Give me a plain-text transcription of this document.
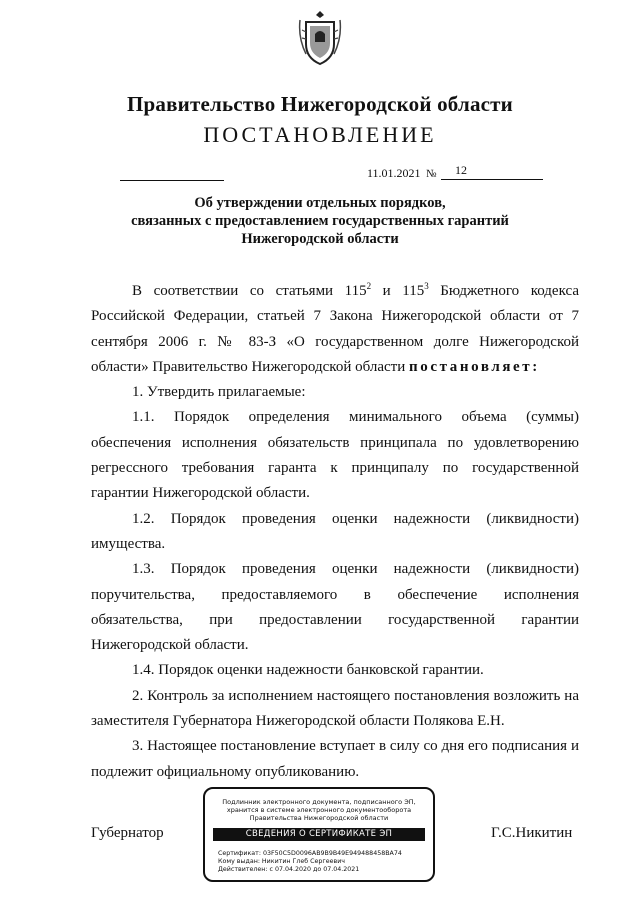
Правительство Нижегородской области
ПОСТАНОВЛЕНИЕ
11.01.2021 №	12
Об утверждении отдельных порядков,
связанных с предоставлением государственных гарантий
Нижегородской области

В соответствии со статьями $115^2$ и $115^3$ Бюджетного кодекса Российской Федерации, статьей 7 Закона Нижегородской области от 7 сентября 2006 г. № 83-З «О государственном долге Нижегородской области» Правительство Нижегородской области постановляет:

1. Утвердить прилагаемые:

1.1. Порядок определения минимального объема (суммы) обеспечения исполнения обязательств принципала по удовлетворению регрессного требования гаранта к принципалу по государственной гарантии Нижегородской области.

1.2. Порядок проведения оценки надежности (ликвидности) имущества.

1.3. Порядок проведения оценки надежности (ликвидности) поручительства, предоставляемого в обеспечение исполнения обязательства, при предоставлении государственной гарантии Нижегородской области.

1.4. Порядок оценки надежности банковской гарантии.

2. Контроль за исполнением настоящего постановления возложить на заместителя Губернатора Нижегородской области Полякова Е.Н.

3. Настоящее постановление вступает в силу со дня его подписания и подлежит официальному опубликованию.

Губернатор	Г.С.Никитин
Подлинник электронного документа, подписанного ЭП,
хранится в системе электронного документооборота
Правительства Нижегородской области
СВЕДЕНИЯ О СЕРТИФИКАТЕ ЭП
Сертификат: 03F50C5D0096AB9B9B49E949488458BA74
Кому выдан: Никитин Глеб Сергеевич
Действителен: с 07.04.2020 до 07.04.2021
